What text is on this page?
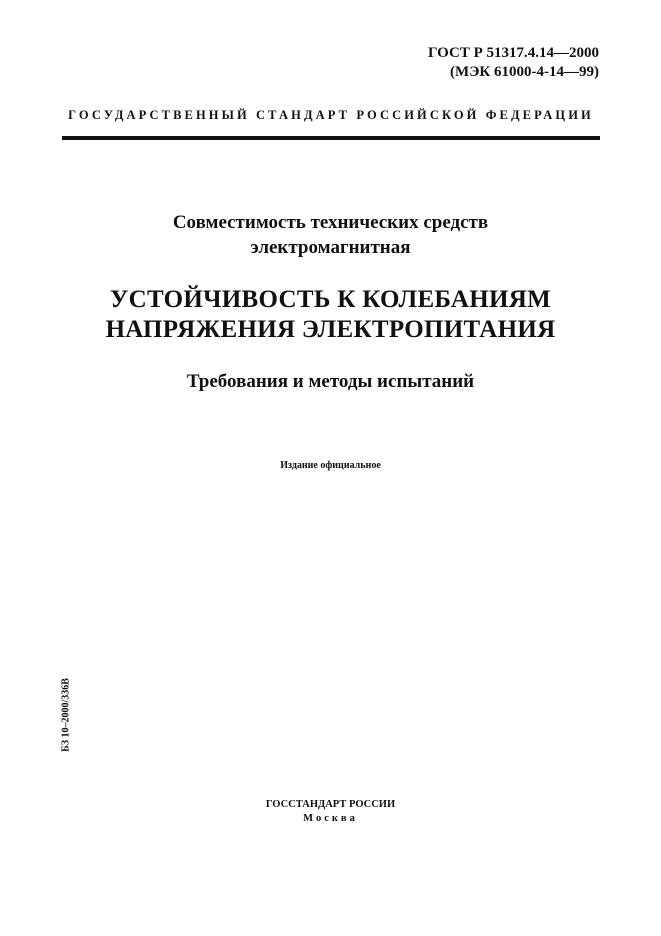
ГОСТ Р 51317.4.14—2000
(МЭК 61000-4-14—99)
ГОСУДАРСТВЕННЫЙ СТАНДАРТ РОССИЙСКОЙ ФЕДЕРАЦИИ
Совместимость технических средств
электромагнитная
УСТОЙЧИВОСТЬ К КОЛЕБАНИЯМ
НАПРЯЖЕНИЯ ЭЛЕКТРОПИТАНИЯ
Требования и методы испытаний
Издание официальное
БЗ 10–2000/336В
ГОССТАНДАРТ РОССИИ
Москва
